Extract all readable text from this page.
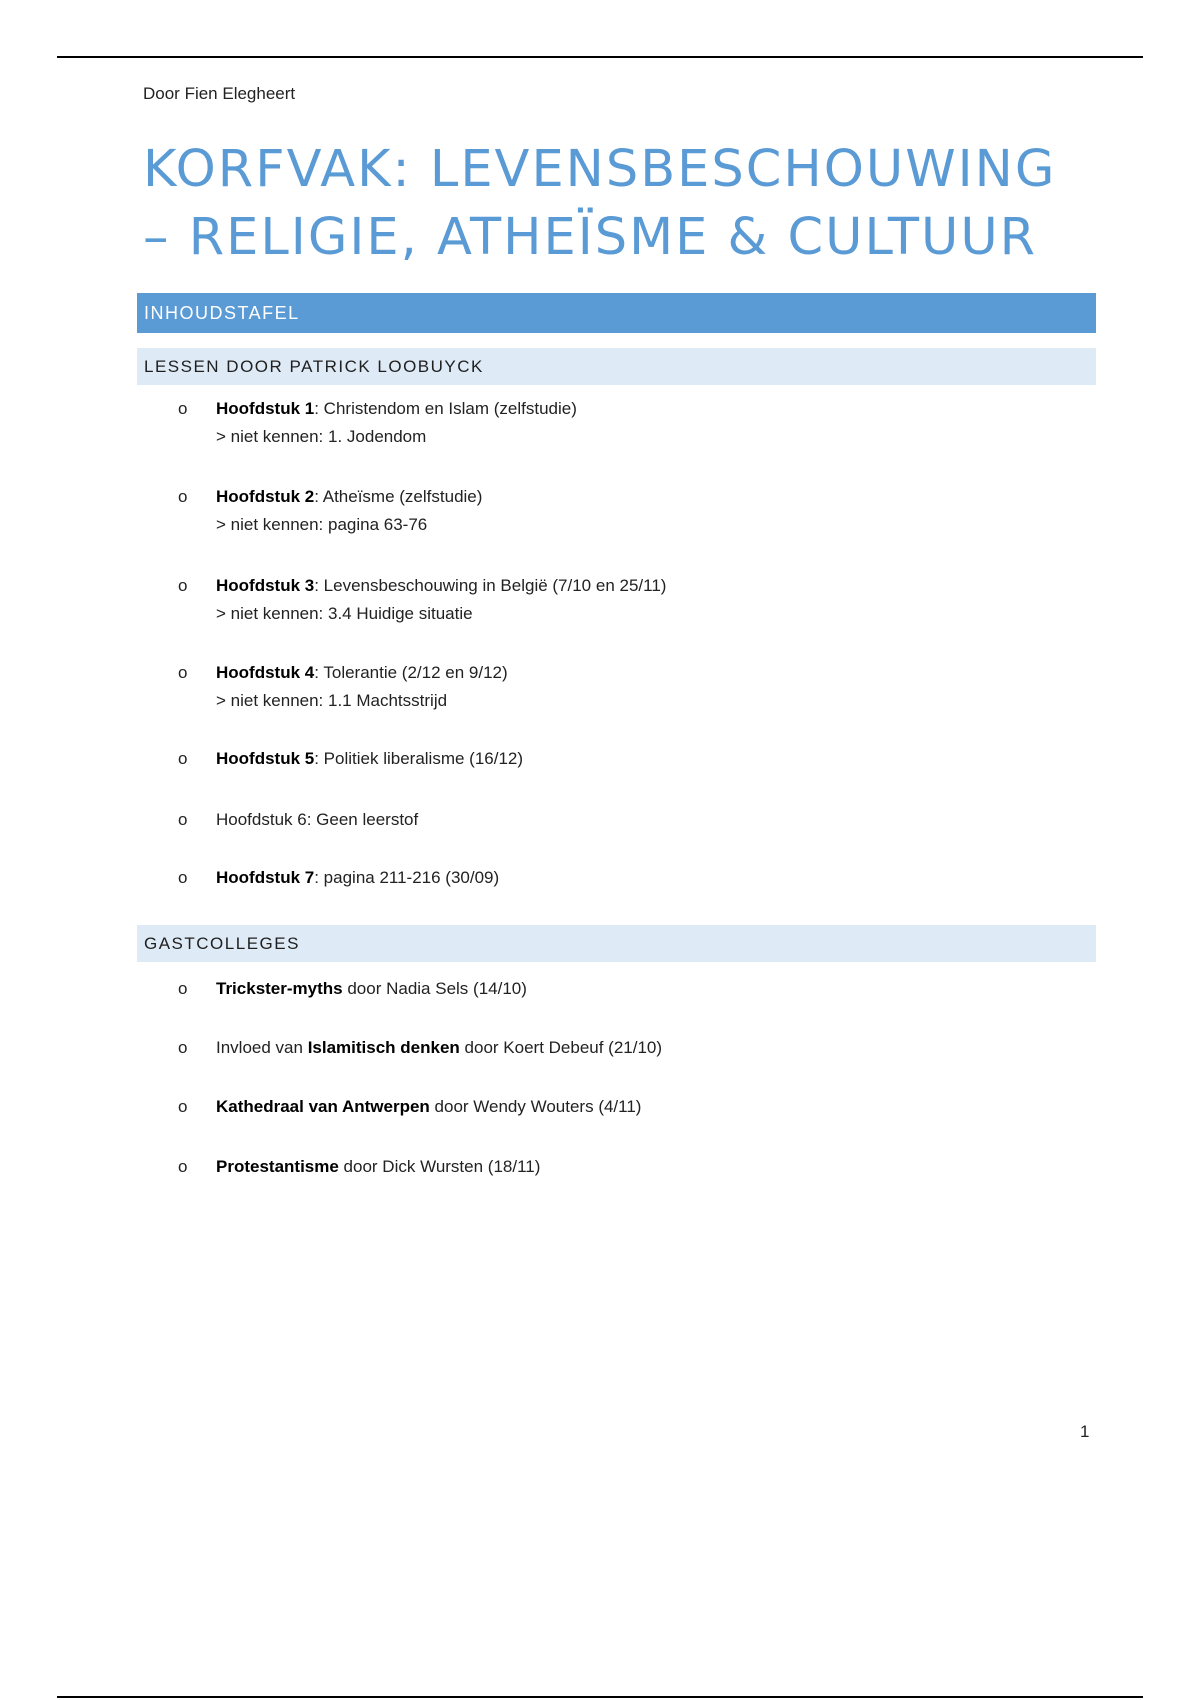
Door Fien Elegheert
KORFVAK: LEVENSBESCHOUWING
– RELIGIE, ATHEÏSME & CULTUUR
INHOUDSTAFEL
LESSEN DOOR PATRICK LOOBUYCK
o	Hoofdstuk 1: Christendom en Islam (zelfstudie)
> niet kennen: 1. Jodendom
o	Hoofdstuk 2: Atheïsme (zelfstudie)
> niet kennen: pagina 63-76
o	Hoofdstuk 3: Levensbeschouwing in België (7/10 en 25/11)
> niet kennen: 3.4 Huidige situatie
o	Hoofdstuk 4: Tolerantie (2/12 en 9/12)
> niet kennen: 1.1 Machtsstrijd
o	Hoofdstuk 5: Politiek liberalisme (16/12)
o	Hoofdstuk 6: Geen leerstof
o	Hoofdstuk 7: pagina 211-216 (30/09)
GASTCOLLEGES
o	Trickster-myths door Nadia Sels (14/10)
o	Invloed van Islamitisch denken door Koert Debeuf (21/10)
o	Kathedraal van Antwerpen door Wendy Wouters (4/11)
o	Protestantisme door Dick Wursten (18/11)
1
